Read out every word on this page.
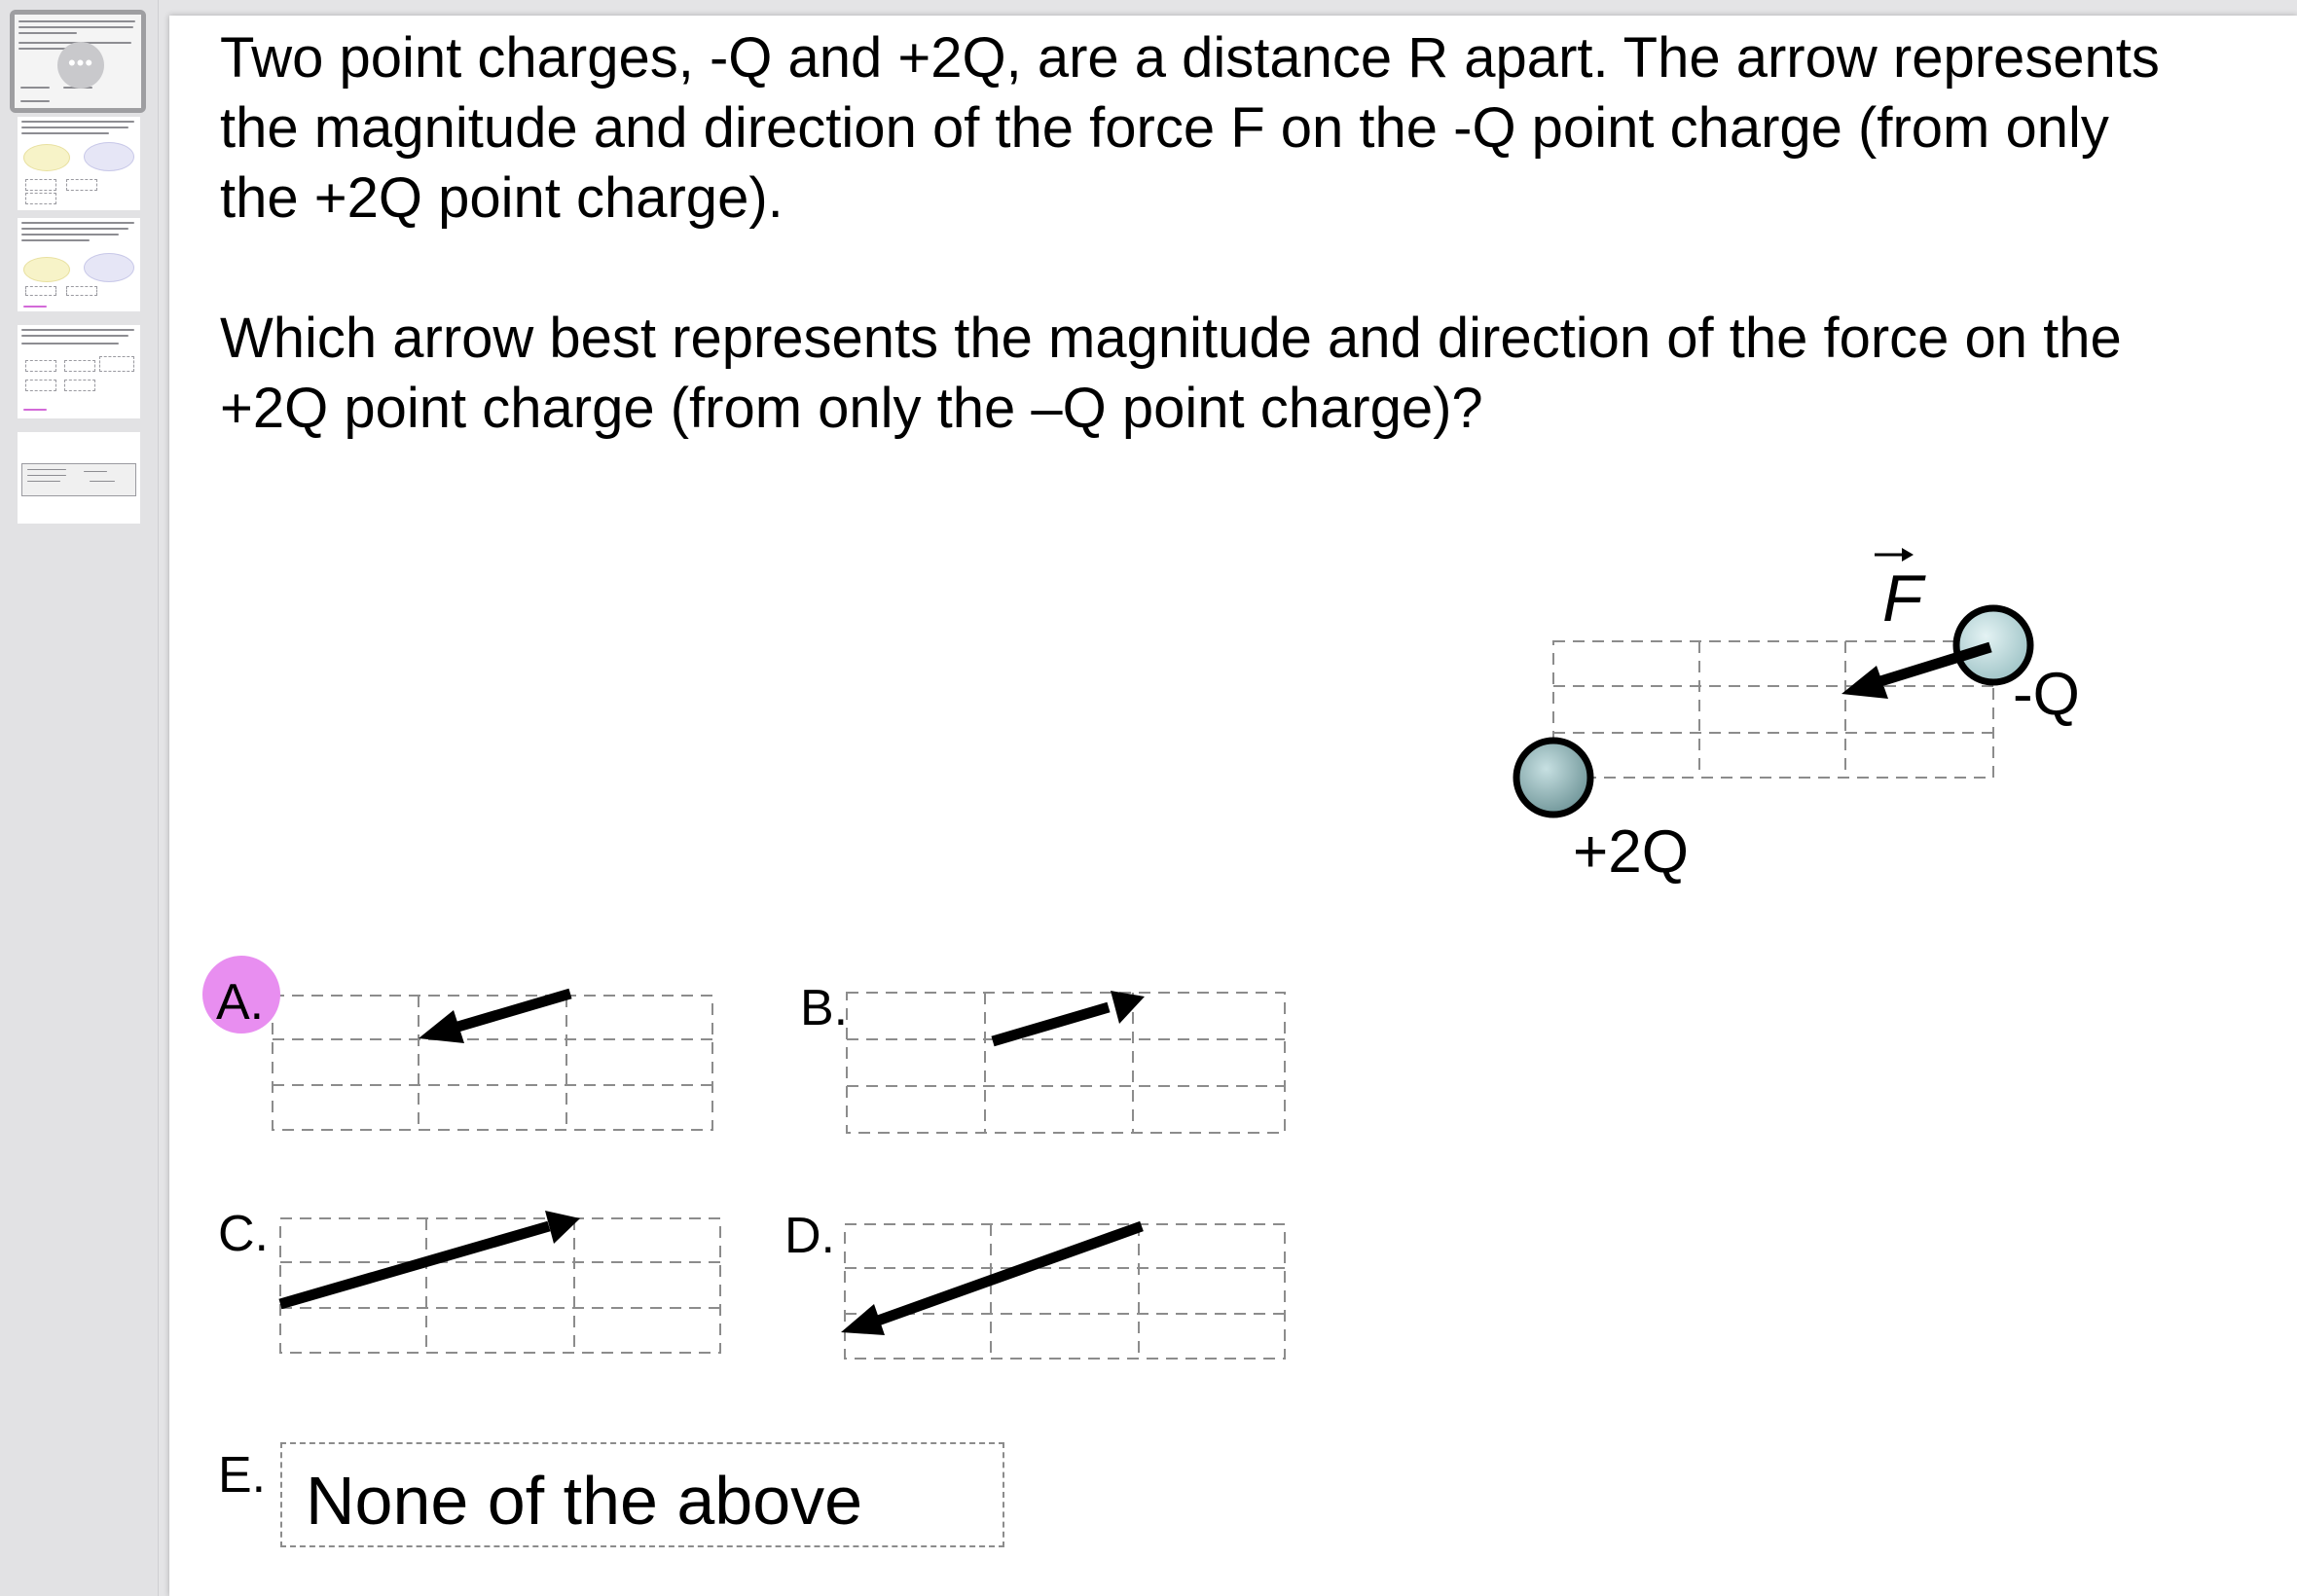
••• Two point charges, -Q and +2Q, are a distance R apart. The arrow represents

the magnitude and direction of the force F on the -Q point charge (from only

the +2Q point charge).

Which arrow best represents the magnitude and direction of the force on the

+2Q point charge (from only the –Q point charge)?

F
-Q
+2Q
A.	B.
C.	D.
E. None of the above
